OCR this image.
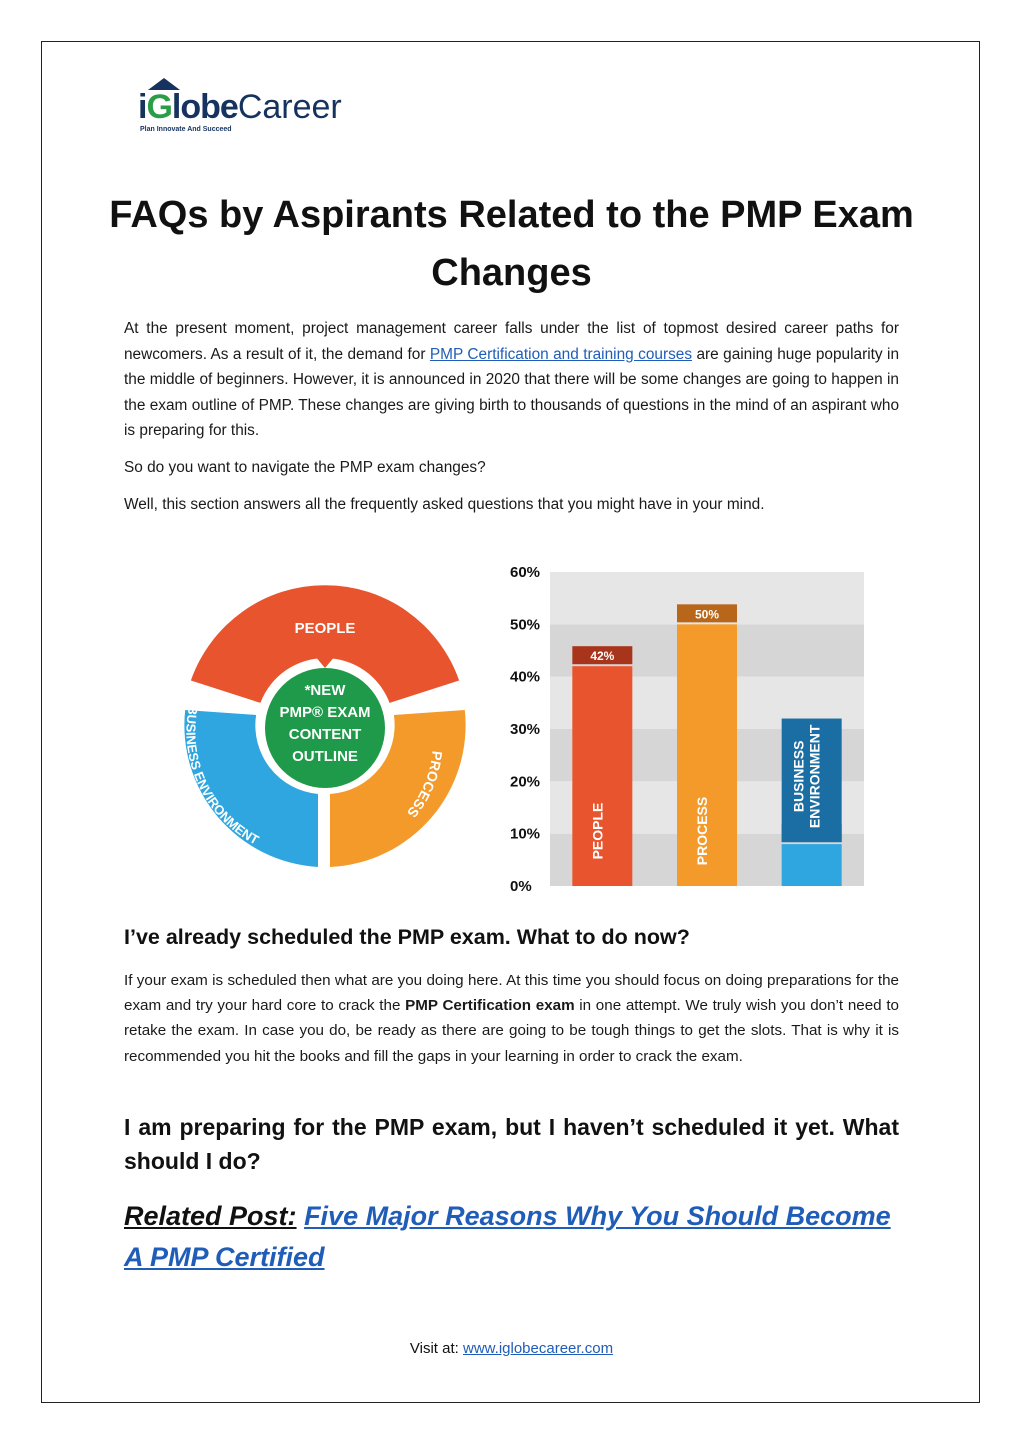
iGlobeCareer
Plan Innovate And Succeed
FAQs by Aspirants Related to the PMP Exam Changes

At the present moment, project management career falls under the list of topmost desired career paths for newcomers. As a result of it, the demand for PMP Certification and training courses are gaining huge popularity in the middle of beginners. However, it is announced in 2020 that there will be some changes are going to happen in the exam outline of PMP. These changes are giving birth to thousands of questions in the mind of an aspirant who is preparing for this.

So do you want to navigate the PMP exam changes?

Well, this section answers all the frequently asked questions that you might have in your mind.

PEOPLE
PROCESS
BUSINESS ENVIRONMENT
*NEW
PMP® EXAM
CONTENT
OUTLINE
0%
10%
20%
30%
40%
50%
60%
42%
PEOPLE
50%
PROCESS
BUSINESS ENVIRONMENT
I’ve already scheduled the PMP exam. What to do now?

If your exam is scheduled then what are you doing here. At this time you should focus on doing preparations for the exam and try your hard core to crack the PMP Certification exam in one attempt. We truly wish you don’t need to retake the exam. In case you do, be ready as there are going to be tough things to get the slots. That is why it is recommended you hit the books and fill the gaps in your learning in order to crack the exam.

I am preparing for the PMP exam, but I haven’t scheduled it yet. What should I do?

Related Post: Five Major Reasons Why You Should Become A PMP Certified

Visit at: www.iglobecareer.com
